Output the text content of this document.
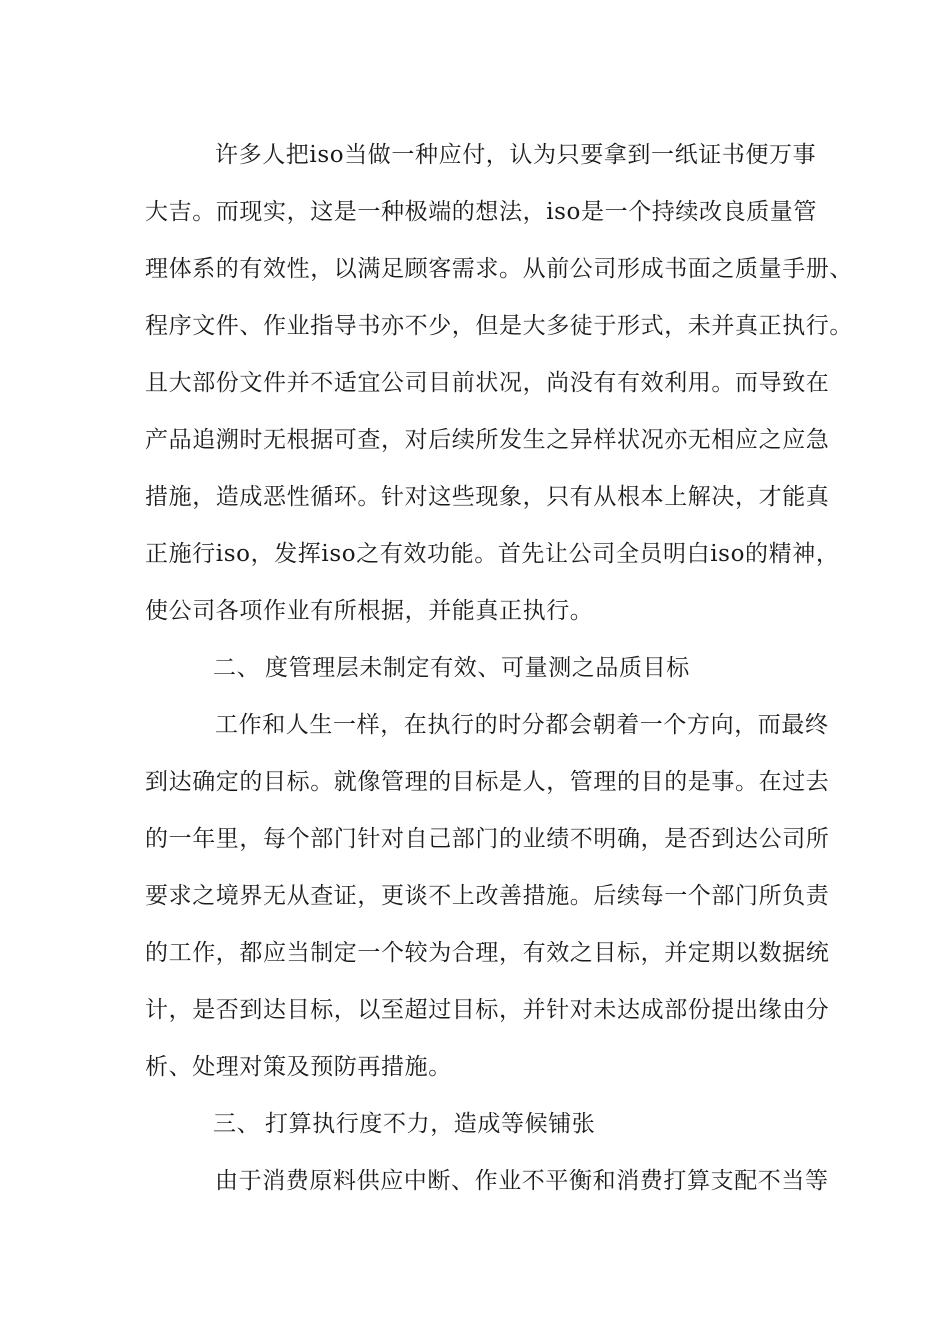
许多人把iso当做一种应付，认为只要拿到一纸证书便万事
大吉。而现实，这是一种极端的想法，iso是一个持续改良质量管
理体系的有效性，以满足顾客需求。从前公司形成书面之质量手册、
程序文件、作业指导书亦不少，但是大多徒于形式，未并真正执行。
且大部份文件并不适宜公司目前状况，尚没有有效利用。而导致在
产品追溯时无根据可查，对后续所发生之异样状况亦无相应之应急
措施，造成恶性循环。针对这些现象，只有从根本上解决，才能真
正施行iso，发挥iso之有效功能。首先让公司全员明白iso的精神，
使公司各项作业有所根据，并能真正执行。
二、 度管理层未制定有效、可量测之品质目标
工作和人生一样，在执行的时分都会朝着一个方向，而最终
到达确定的目标。就像管理的目标是人，管理的目的是事。在过去
的一年里，每个部门针对自己部门的业绩不明确，是否到达公司所
要求之境界无从查证，更谈不上改善措施。后续每一个部门所负责
的工作，都应当制定一个较为合理，有效之目标，并定期以数据统
计，是否到达目标，以至超过目标，并针对未达成部份提出缘由分
析、处理对策及预防再措施。
三、 打算执行度不力，造成等候铺张
由于消费原料供应中断、作业不平衡和消费打算支配不当等
